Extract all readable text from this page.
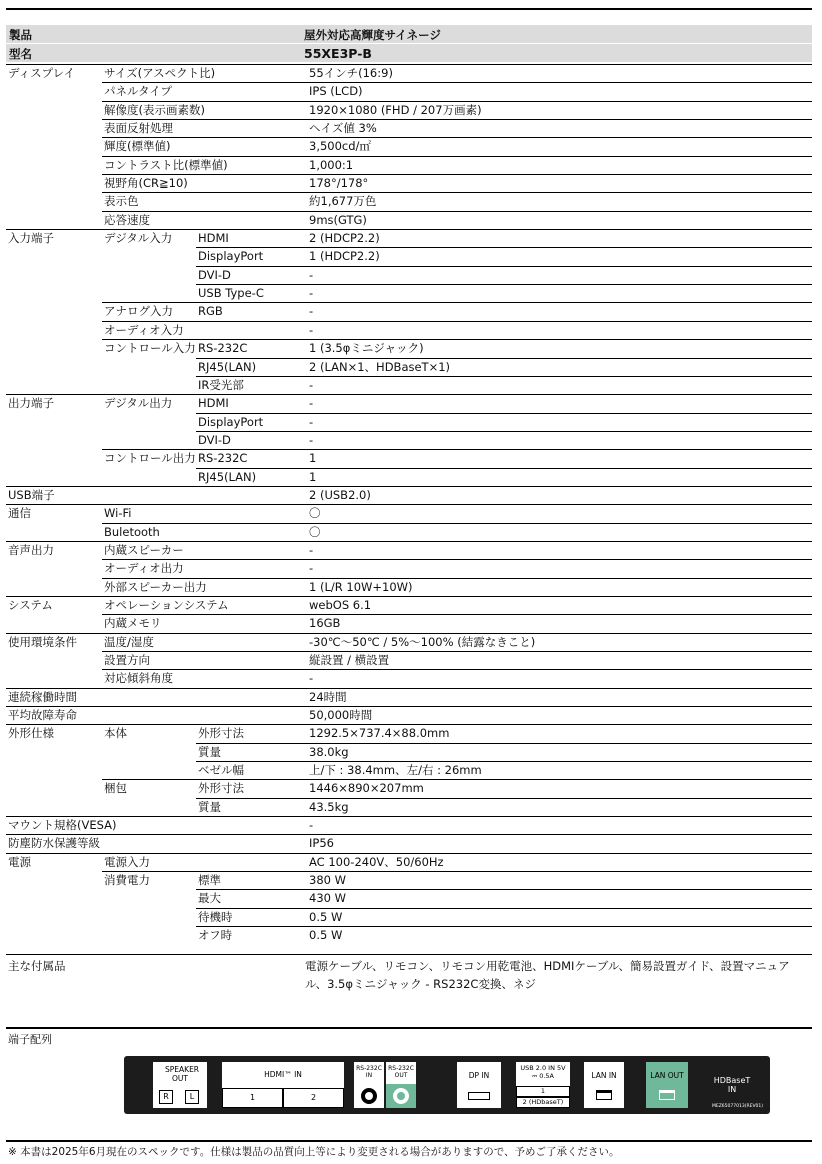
製品	屋外対応高輝度サイネージ
型名	55XE3P-B
ディスプレイ	サイズ(アスペクト比)		55インチ(16:9)
	パネルタイプ		IPS (LCD)
	解像度(表示画素数)		1920×1080 (FHD / 207万画素)
	表面反射処理		ヘイズ値 3%
	輝度(標準値)		3,500cd/㎡
	コントラスト比(標準値)		1,000:1
	視野角(CR≧10)		178°/178°
	表示色		約1,677万色
	応答速度		9ms(GTG)
入力端子	デジタル入力	HDMI	2 (HDCP2.2)
		DisplayPort	1 (HDCP2.2)
		DVI-D	-
		USB Type-C	-
	アナログ入力	RGB	-
	オーディオ入力		-
	コントロール入力	RS-232C	1 (3.5φミニジャック)
		RJ45(LAN)	2 (LAN×1、HDBaseT×1)
		IR受光部	-
出力端子	デジタル出力	HDMI	-
		DisplayPort	-
		DVI-D	-
	コントロール出力	RS-232C	1
		RJ45(LAN)	1
USB端子			2 (USB2.0)
通信	Wi-Fi		〇
	Buletooth		〇
音声出力	内蔵スピーカー		-
	オーディオ出力		-
	外部スピーカー出力		1 (L/R 10W+10W)
システム	オペレーションシステム		webOS 6.1
	内蔵メモリ		16GB
使用環境条件	温度/湿度		-30℃～50℃ / 5%～100% (結露なきこと)
	設置方向		縦設置 / 横設置
	対応傾斜角度		-
連続稼働時間			24時間
平均故障寿命			50,000時間
外形仕様	本体	外形寸法	1292.5×737.4×88.0mm
		質量	38.0kg
		ベゼル幅	上/下 : 38.4mm、左/右 : 26mm
	梱包	外形寸法	1446×890×207mm
		質量	43.5kg
マウント規格(VESA)			-
防塵防水保護等級			IP56
電源	電源入力		AC 100-240V、50/60Hz
	消費電力	標準	380 W
		最大	430 W
		待機時	0.5 W
		オフ時	0.5 W
主な付属品	電源ケーブル、リモコン、リモコン用乾電池、HDMIケーブル、簡易設置ガイド、設置マニュアル、3.5φミニジャック - RS232C変換、ネジ
端子配列
SPEAKER OUT
R	L
HDMI™ IN
1	2
RS-232C IN
RS-232C OUT	DP IN
USB 2.0 IN 5V ⎓ 0.5A
1
2 (HDbaseT)
LAN IN	LAN OUT
HDBaseT IN
MEZ65077013(REV01)
※ 本書は2025年6月現在のスペックです。仕様は製品の品質向上等により変更される場合がありますので、予めご了承ください。
